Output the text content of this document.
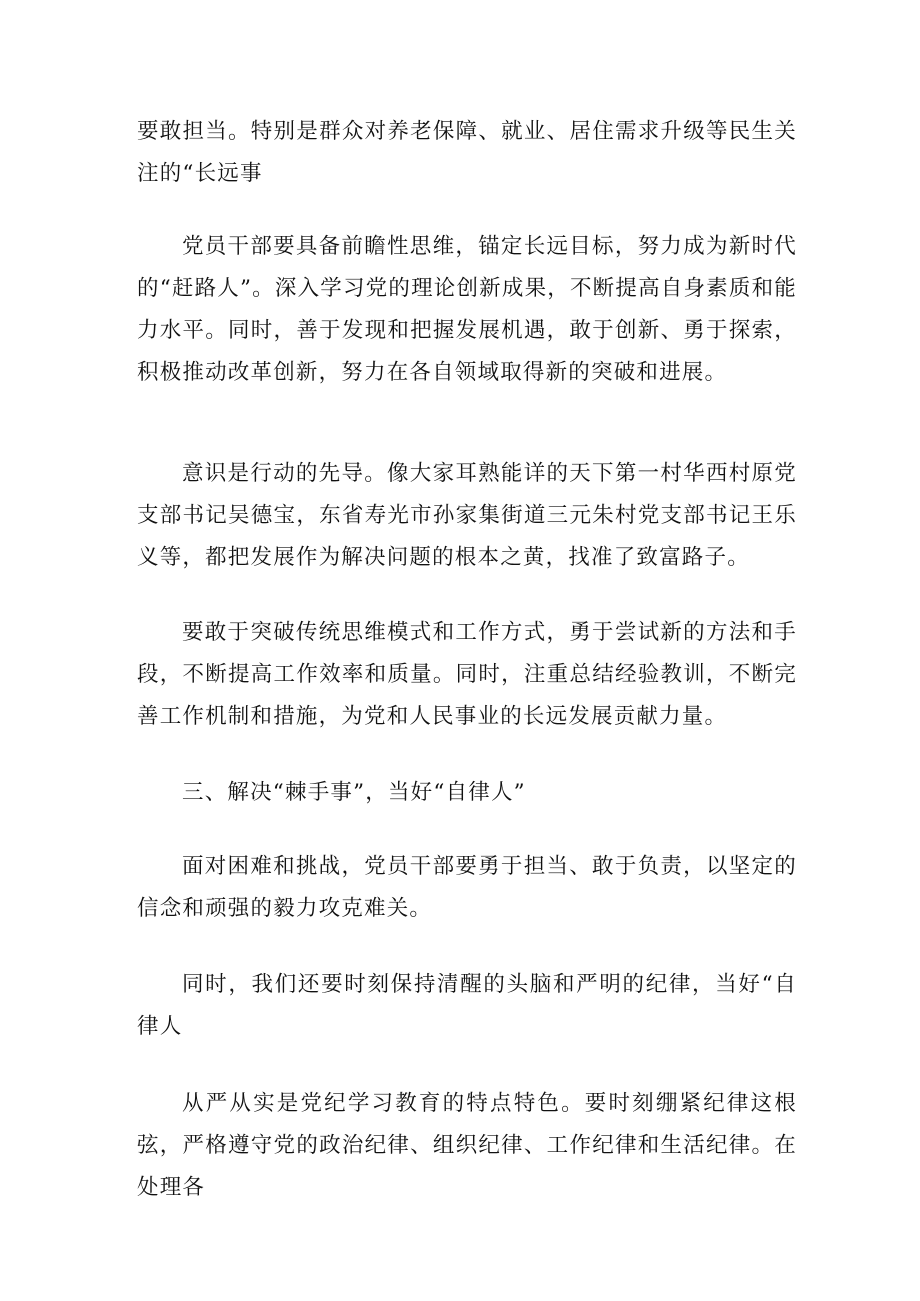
要敢担当。特别是群众对养老保障、就业、居住需求升级等民生关注的“长远事

党员干部要具备前瞻性思维，锚定长远目标，努力成为新时代的“赶路人”。深入学习党的理论创新成果，不断提高自身素质和能力水平。同时，善于发现和把握发展机遇，敢于创新、勇于探索，积极推动改革创新，努力在各自领域取得新的突破和进展。

意识是行动的先导。像大家耳熟能详的天下第一村华西村原党支部书记吴德宝，东省寿光市孙家集街道三元朱村党支部书记王乐义等，都把发展作为解决问题的根本之黄，找准了致富路子。

要敢于突破传统思维模式和工作方式，勇于尝试新的方法和手段，不断提高工作效率和质量。同时，注重总结经验教训，不断完善工作机制和措施，为党和人民事业的长远发展贡献力量。

三、解决“棘手事”，当好“自律人”

面对困难和挑战，党员干部要勇于担当、敢于负责，以坚定的信念和顽强的毅力攻克难关。

同时，我们还要时刻保持清醒的头脑和严明的纪律，当好“自律人

从严从实是党纪学习教育的特点特色。要时刻绷紧纪律这根弦，严格遵守党的政治纪律、组织纪律、工作纪律和生活纪律。在处理各
